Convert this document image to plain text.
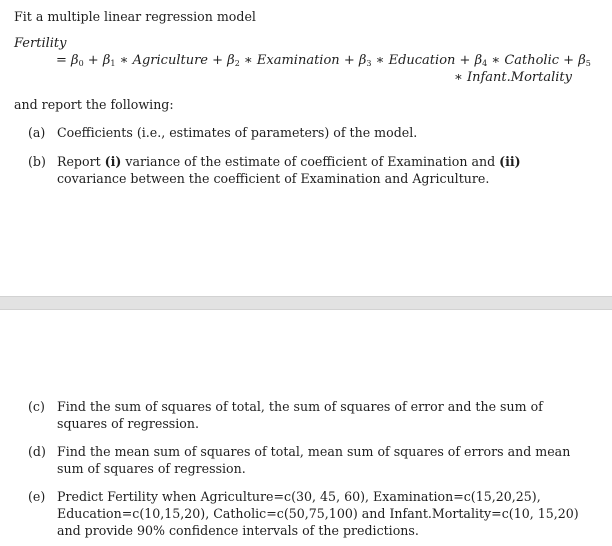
Fit a multiple linear regression model
Fertility
= $\beta_0 + \beta_1$ ∗ Agriculture + $\beta_2$ ∗ Examination + $\beta_3$ ∗ Education + $\beta_4$ ∗ Catholic + $\beta_5$
∗ Infant.Mortality
and report the following:
(a) Coefficients (i.e., estimates of parameters) of the model.
(b) Report (i) variance of the estimate of coefficient of Examination and (ii) covariance between the coefficient of Examination and Agriculture.
(c) Find the sum of squares of total, the sum of squares of error and the sum of squares of regression.
(d) Find the mean sum of squares of total, mean sum of squares of errors and mean sum of squares of regression.
(e) Predict Fertility when Agriculture=c(30, 45, 60), Examination=c(15,20,25), Education=c(10,15,20), Catholic=c(50,75,100) and Infant.Mortality=c(10, 15,20) and provide 90% confidence intervals of the predictions.
